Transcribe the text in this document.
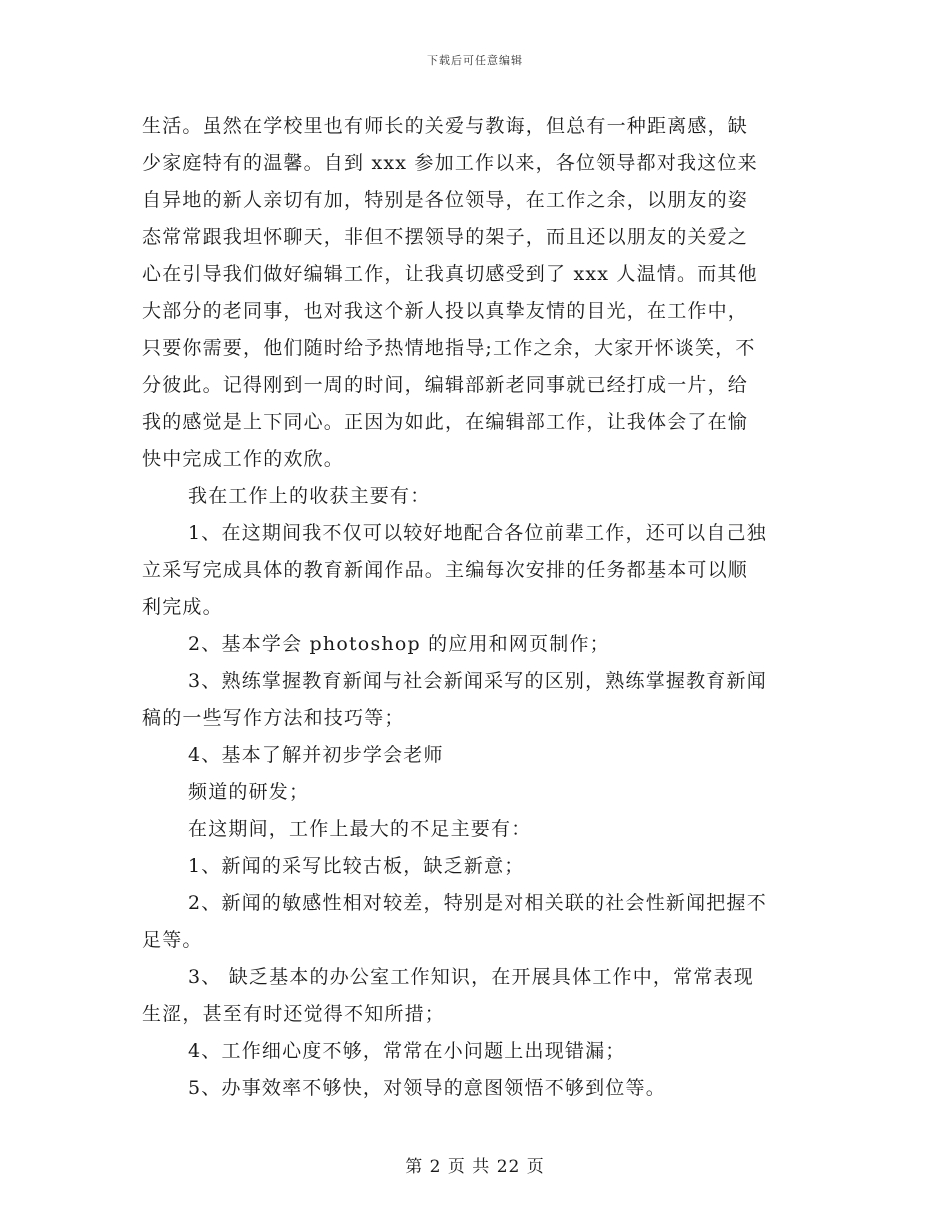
下载后可任意编辑
生活。虽然在学校里也有师长的关爱与教诲，但总有一种距离感，缺
少家庭特有的温馨。自到 xxx 参加工作以来，各位领导都对我这位来
自异地的新人亲切有加，特别是各位领导，在工作之余，以朋友的姿
态常常跟我坦怀聊天，非但不摆领导的架子，而且还以朋友的关爱之
心在引导我们做好编辑工作，让我真切感受到了 xxx 人温情。而其他
大部分的老同事，也对我这个新人投以真挚友情的目光，在工作中，
只要你需要，他们随时给予热情地指导;工作之余，大家开怀谈笑，不
分彼此。记得刚到一周的时间，编辑部新老同事就已经打成一片，给
我的感觉是上下同心。正因为如此，在编辑部工作，让我体会了在愉
快中完成工作的欢欣。
我在工作上的收获主要有：
1、在这期间我不仅可以较好地配合各位前辈工作，还可以自己独
立采写完成具体的教育新闻作品。主编每次安排的任务都基本可以顺
利完成。
2、基本学会 photoshop 的应用和网页制作；
3、熟练掌握教育新闻与社会新闻采写的区别，熟练掌握教育新闻
稿的一些写作方法和技巧等；
4、基本了解并初步学会老师
频道的研发；
在这期间，工作上最大的不足主要有：
1、新闻的采写比较古板，缺乏新意；
2、新闻的敏感性相对较差，特别是对相关联的社会性新闻把握不
足等。
3、 缺乏基本的办公室工作知识，在开展具体工作中，常常表现
生涩，甚至有时还觉得不知所措；
4、工作细心度不够，常常在小问题上出现错漏；
5、办事效率不够快，对领导的意图领悟不够到位等。
第 2 页 共 22 页
